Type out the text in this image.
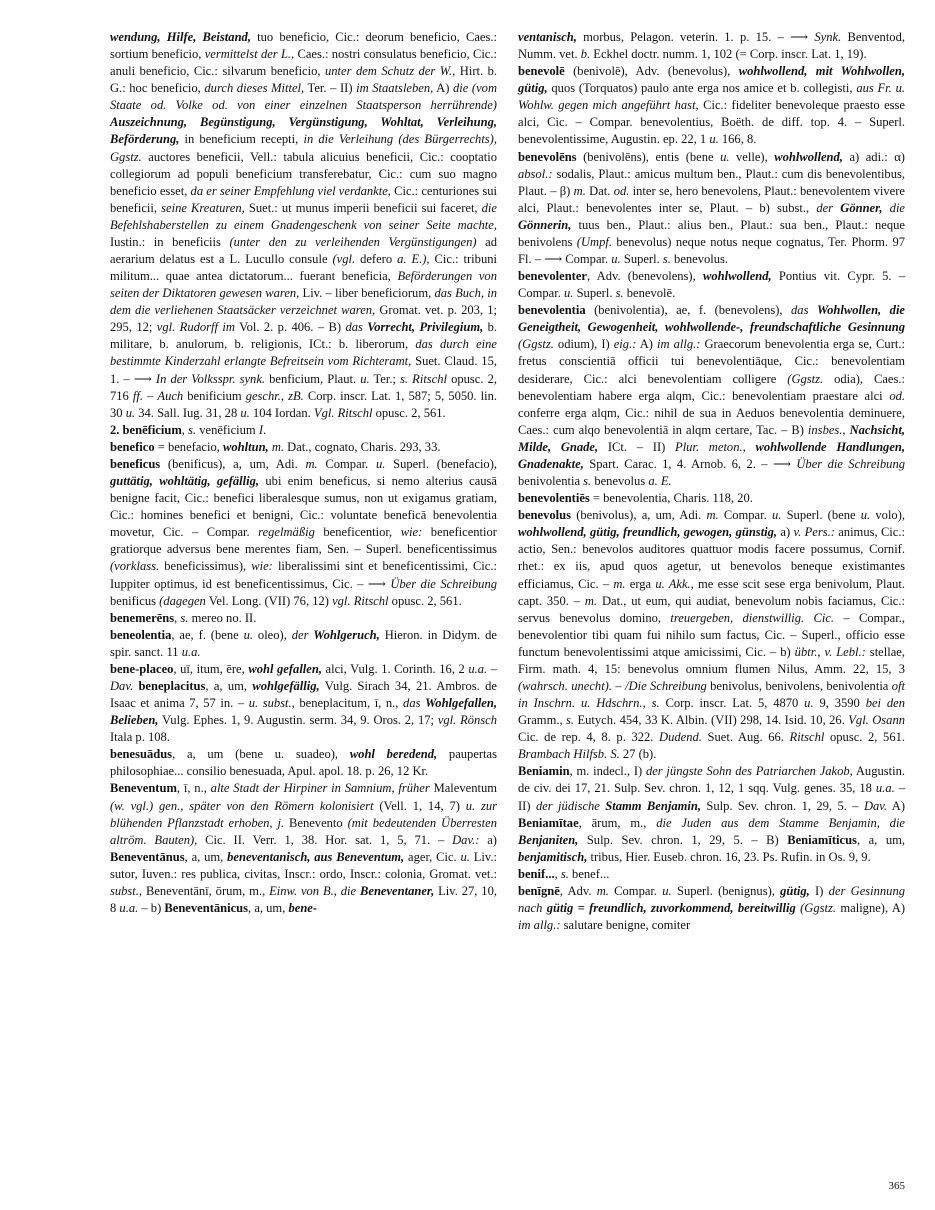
wendung, Hilfe, Beistand, tuo beneficio, Cic.: deorum beneficio, Caes.: sortium beneficio, vermittelst der L., Caes.: nostri consulatus beneficio, Cic.: anuli beneficio, Cic.: silvarum beneficio, unter dem Schutz der W., Hirt. b. G.: hoc beneficio, durch dieses Mittel, Ter. – II) im Staatsleben, A) die (vom Staate od. Volke od. von einer einzelnen Staatsperson herrührende) Auszeichnung, Begünstigung, Vergünstigung, Wohltat, Verleihung, Beförderung, in beneficium recepti, in die Verleihung (des Bürgerrechts), Ggstz. auctores beneficii, Vell.: tabula alicuius beneficii, Cic.: cooptatio collegiorum ad populi beneficium transferebatur, Cic.: cum suo magno beneficio esset, da er seiner Empfehlung viel verdankte, Cic.: centuriones sui beneficii, seine Kreaturen, Suet.: ut munus imperii beneficii sui faceret, die Befehlshaberstellen zu einem Gnadengeschenk von seiner Seite machte, Iustin.: in beneficiis (unter den zu verleihenden Vergünstigungen) ad aerarium delatus est a L. Lucullo consule (vgl. defero a. E.), Cic.: tribuni militum... quae antea dictatorum... fuerant beneficia, Beförderungen von seiten der Diktatoren gewesen waren, Liv. – liber beneficiorum, das Buch, in dem die verliehenen Staatsäcker verzeichnet waren, Gromat. vet. p. 203, 1; 295, 12; vgl. Rudorff im Vol. 2. p. 406. – B) das Vorrecht, Privilegium, b. militare, b. anulorum, b. religionis, ICt.: b. liberorum, das durch eine bestimmte Kinderzahl erlangte Befreitsein vom Richteramt, Suet. Claud. 15, 1. – ⟶ In der Volksspr. synk. benficium, Plaut. u. Ter.; s. Ritschl opusc. 2, 716 ff. – Auch benificium geschr., zB. Corp. inscr. Lat. 1, 587; 5, 5050. lin. 30 u. 34. Sall. Iug. 31, 28 u. 104 Iordan. Vgl. Ritschl opusc. 2, 561.

2. benēficium, s. venēficium I.

benefico = benefacio, wohltun, m. Dat., cognato, Charis. 293, 33.

beneficus (benificus), a, um, Adi. m. Compar. u. Superl. (benefacio), guttätig, wohltätig, gefällig, ubi enim beneficus, si nemo alterius causā benigne facit, Cic.: benefici liberalesque sumus, non ut exigamus gratiam, Cic.: homines benefici et benigni, Cic.: voluntate beneficā benevolentia movetur, Cic. – Compar. regelmäßig beneficentior, wie: beneficentior gratiorque adversus bene merentes fiam, Sen. – Superl. beneficentissimus (vorklass. beneficissimus), wie: liberalissimi sint et beneficentissimi, Cic.: Iuppiter optimus, id est beneficentissimus, Cic. – ⟶ Über die Schreibung benificus (dagegen Vel. Long. (VII) 76, 12) vgl. Ritschl opusc. 2, 561.

benemerēns, s. mereo no. II.

beneolentia, ae, f. (bene u. oleo), der Wohlgeruch, Hieron. in Didym. de spir. sanct. 11 u.a.

bene-placeo, uī, itum, ēre, wohl gefallen, alci, Vulg. 1. Corinth. 16, 2 u.a. – Dav. beneplacitus, a, um, wohlgefällig, Vulg. Sirach 34, 21. Ambros. de Isaac et anima 7, 57 in. – u. subst., beneplacitum, ī, n., das Wohlgefallen, Belieben, Vulg. Ephes. 1, 9. Augustin. serm. 34, 9. Oros. 2, 17; vgl. Rönsch Itala p. 108.

benesuādus, a, um (bene u. suadeo), wohl beredend, paupertas philosophiae... consilio benesuada, Apul. apol. 18. p. 26, 12 Kr.

Beneventum, ī, n., alte Stadt der Hirpiner in Samnium, früher Maleventum (w. vgl.) gen., später von den Römern kolonisiert (Vell. 1, 14, 7) u. zur blühenden Pflanzstadt erhoben, j. Benevento (mit bedeutenden Überresten altröm. Bauten), Cic. II. Verr. 1, 38. Hor. sat. 1, 5, 71. – Dav.: a) Beneventānus, a, um, beneventanisch, aus Beneventum, ager, Cic. u. Liv.: sutor, Iuven.: res publica, civitas, Inscr.: ordo, Inscr.: colonia, Gromat. vet.: subst., Beneventānī, ōrum, m., Einw. von B., die Beneventaner, Liv. 27, 10, 8 u.a. – b) Beneventānicus, a, um, bene-

ventanisch, morbus, Pelagon. veterin. 1. p. 15. – ⟶ Synk. Benventod, Numm. vet. b. Eckhel doctr. numm. 1, 102 (= Corp. inscr. Lat. 1, 19).

benevolē (benivolē), Adv. (benevolus), wohlwollend, mit Wohlwollen, gütig, quos (Torquatos) paulo ante erga nos amice et b. collegisti, aus Fr. u. Wohlw. gegen mich angeführt hast, Cic.: fideliter benevoleque praesto esse alci, Cic. – Compar. benevolentius, Boëth. de diff. top. 4. – Superl. benevolentissime, Augustin. ep. 22, 1 u. 166, 8.

benevolēns (benivolēns), entis (bene u. velle), wohlwollend, a) adi.: α) absol.: sodalis, Plaut.: amicus multum ben., Plaut.: cum dis benevolentibus, Plaut. – β) m. Dat. od. inter se, hero benevolens, Plaut.: benevolentem vivere alci, Plaut.: benevolentes inter se, Plaut. – b) subst., der Gönner, die Gönnerin, tuus ben., Plaut.: alius ben., Plaut.: sua ben., Plaut.: neque benivolens (Umpf. benevolus) neque notus neque cognatus, Ter. Phorm. 97 Fl. – ⟶ Compar. u. Superl. s. benevolus.

benevolenter, Adv. (benevolens), wohlwollend, Pontius vit. Cypr. 5. – Compar. u. Superl. s. benevolē.

benevolentia (benivolentia), ae, f. (benevolens), das Wohlwollen, die Geneigtheit, Gewogenheit, wohlwollende-, freundschaftliche Gesinnung (Ggstz. odium), I) eig.: A) im allg.: Graecorum benevolentia erga se, Curt.: fretus conscientiā officii tui benevolentiāque, Cic.: benevolentiam desiderare, Cic.: alci benevolentiam colligere (Ggstz. odia), Caes.: benevolentiam habere erga alqm, Cic.: benevolentiam praestare alci od. conferre erga alqm, Cic.: nihil de sua in Aeduos benevolentia deminuere, Caes.: cum alqo benevolentiā in alqm certare, Tac. – B) insbes., Nachsicht, Milde, Gnade, ICt. – II) Plur. meton., wohlwollende Handlungen, Gnadenakte, Spart. Carac. 1, 4. Arnob. 6, 2. – ⟶ Über die Schreibung benivolentia s. benevolus a. E.

benevolentiēs = benevolentia, Charis. 118, 20.

benevolus (benivolus), a, um, Adi. m. Compar. u. Superl. (bene u. volo), wohlwollend, gütig, freundlich, gewogen, günstig, a) v. Pers.: animus, Cic.: actio, Sen.: benevolos auditores quattuor modis facere possumus, Cornif. rhet.: ex iis, apud quos agetur, ut benevolos beneque existimantes efficiamus, Cic. – m. erga u. Akk., me esse scit sese erga benivolum, Plaut. capt. 350. – m. Dat., ut eum, qui audiat, benevolum nobis faciamus, Cic.: servus benevolus domino, treuergeben, dienstwillig. Cic. – Compar., benevolentior tibi quam fui nihilo sum factus, Cic. – Superl., officio esse functum benevolentissimi atque amicissimi, Cic. – b) übtr., v. Lebl.: stellae, Firm. math. 4, 15: benevolus omnium flumen Nilus, Amm. 22, 15, 3 (wahrsch. unecht). – /Die Schreibung benivolus, benivolens, benivolentia oft in Inschrn. u. Hdschrn., s. Corp. inscr. Lat. 5, 4870 u. 9, 3590 bei den Gramm., s. Eutych. 454, 33 K. Albin. (VII) 298, 14. Isid. 10, 26. Vgl. Osann Cic. de rep. 4, 8. p. 322. Dudend. Suet. Aug. 66. Ritschl opusc. 2, 561. Brambach Hilfsb. S. 27 (b).

Beniamin, m. indecl., I) der jüngste Sohn des Patriarchen Jakob, Augustin. de civ. dei 17, 21. Sulp. Sev. chron. 1, 12, 1 sqq. Vulg. genes. 35, 18 u.a. – II) der jüdische Stamm Benjamin, Sulp. Sev. chron. 1, 29, 5. – Dav. A) Beniamītae, ārum, m., die Juden aus dem Stamme Benjamin, die Benjaniten, Sulp. Sev. chron. 1, 29, 5. – B) Beniamīticus, a, um, benjamitisch, tribus, Hier. Euseb. chron. 16, 23. Ps. Rufin. in Os. 9, 9.

benif..., s. benef...

benīgnē, Adv. m. Compar. u. Superl. (benignus), gütig, I) der Gesinnung nach gütig = freundlich, zuvorkommend, bereitwillig (Ggstz. maligne), A) im allg.: salutare benigne, comiter

365
